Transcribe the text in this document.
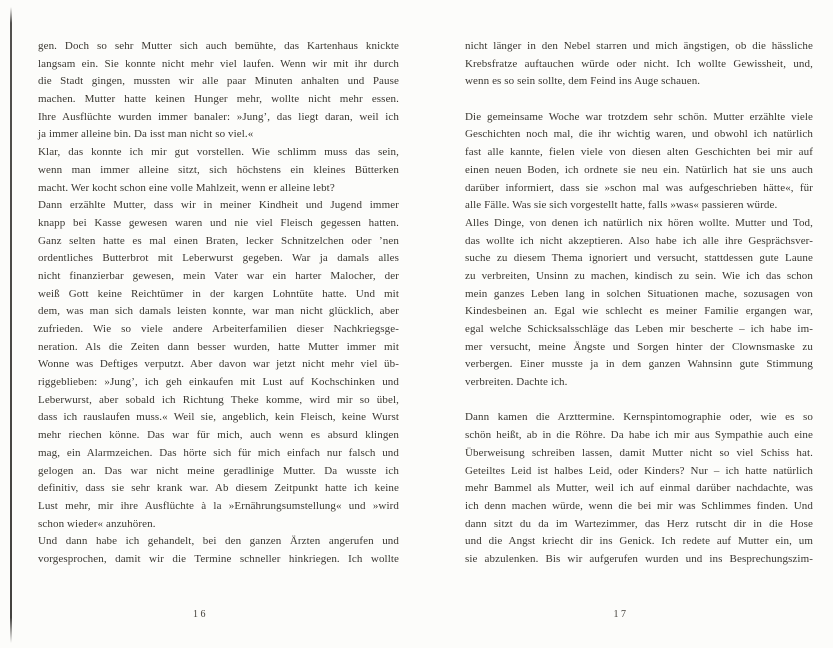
gen. Doch so sehr Mutter sich auch bemühte, das Kartenhaus knickte
langsam ein. Sie konnte nicht mehr viel laufen. Wenn wir mit ihr durch
die Stadt gingen, mussten wir alle paar Minuten anhalten und Pause
machen. Mutter hatte keinen Hunger mehr, wollte nicht mehr essen.
Ihre Ausflüchte wurden immer banaler: »Jung’, das liegt daran, weil ich
ja immer alleine bin. Da isst man nicht so viel.«
Klar, das konnte ich mir gut vorstellen. Wie schlimm muss das sein,
wenn man immer alleine sitzt, sich höchstens ein kleines Bütterken
macht. Wer kocht schon eine volle Mahlzeit, wenn er alleine lebt?
Dann erzählte Mutter, dass wir in meiner Kindheit und Jugend immer
knapp bei Kasse gewesen waren und nie viel Fleisch gegessen hatten.
Ganz selten hatte es mal einen Braten, lecker Schnitzelchen oder ’nen
ordentliches Butterbrot mit Leberwurst gegeben. War ja damals alles
nicht finanzierbar gewesen, mein Vater war ein harter Malocher, der
weiß Gott keine Reichtümer in der kargen Lohntüte hatte. Und mit
dem, was man sich damals leisten konnte, war man nicht glücklich, aber
zufrieden. Wie so viele andere Arbeiterfamilien dieser Nachkriegsge-
neration. Als die Zeiten dann besser wurden, hatte Mutter immer mit
Wonne was Deftiges verputzt. Aber davon war jetzt nicht mehr viel üb-
riggeblieben: »Jung’, ich geh einkaufen mit Lust auf Kochschinken und
Leberwurst, aber sobald ich Richtung Theke komme, wird mir so übel,
dass ich rauslaufen muss.« Weil sie, angeblich, kein Fleisch, keine Wurst
mehr riechen könne. Das war für mich, auch wenn es absurd klingen
mag, ein Alarmzeichen. Das hörte sich für mich einfach nur falsch und
gelogen an. Das war nicht meine geradlinige Mutter. Da wusste ich
definitiv, dass sie sehr krank war. Ab diesem Zeitpunkt hatte ich keine
Lust mehr, mir ihre Ausflüchte à la »Ernährungsumstellung« und »wird
schon wieder« anzuhören.
Und dann habe ich gehandelt, bei den ganzen Ärzten angerufen und
vorgesprochen, damit wir die Termine schneller hinkriegen. Ich wollte
16
nicht länger in den Nebel starren und mich ängstigen, ob die hässliche
Krebsfratze auftauchen würde oder nicht. Ich wollte Gewissheit, und,
wenn es so sein sollte, dem Feind ins Auge schauen.

Die gemeinsame Woche war trotzdem sehr schön. Mutter erzählte viele
Geschichten noch mal, die ihr wichtig waren, und obwohl ich natürlich
fast alle kannte, fielen viele von diesen alten Geschichten bei mir auf
einen neuen Boden, ich ordnete sie neu ein. Natürlich hat sie uns auch
darüber informiert, dass sie »schon mal was aufgeschrieben hätte«, für
alle Fälle. Was sie sich vorgestellt hatte, falls »was« passieren würde.
Alles Dinge, von denen ich natürlich nix hören wollte. Mutter und Tod,
das wollte ich nicht akzeptieren. Also habe ich alle ihre Gesprächsver-
suche zu diesem Thema ignoriert und versucht, stattdessen gute Laune
zu verbreiten, Unsinn zu machen, kindisch zu sein. Wie ich das schon
mein ganzes Leben lang in solchen Situationen mache, sozusagen von
Kindesbeinen an. Egal wie schlecht es meiner Familie ergangen war,
egal welche Schicksalsschläge das Leben mir bescherte – ich habe im-
mer versucht, meine Ängste und Sorgen hinter der Clownsmaske zu
verbergen. Einer musste ja in dem ganzen Wahnsinn gute Stimmung
verbreiten. Dachte ich.

Dann kamen die Arzttermine. Kernspintomographie oder, wie es so
schön heißt, ab in die Röhre. Da habe ich mir aus Sympathie auch eine
Überweisung schreiben lassen, damit Mutter nicht so viel Schiss hat.
Geteiltes Leid ist halbes Leid, oder Kinders? Nur – ich hatte natürlich
mehr Bammel als Mutter, weil ich auf einmal darüber nachdachte, was
ich denn machen würde, wenn die bei mir was Schlimmes finden. Und
dann sitzt du da im Wartezimmer, das Herz rutscht dir in die Hose
und die Angst kriecht dir ins Genick. Ich redete auf Mutter ein, um
sie abzulenken. Bis wir aufgerufen wurden und ins Besprechungszim-
17
